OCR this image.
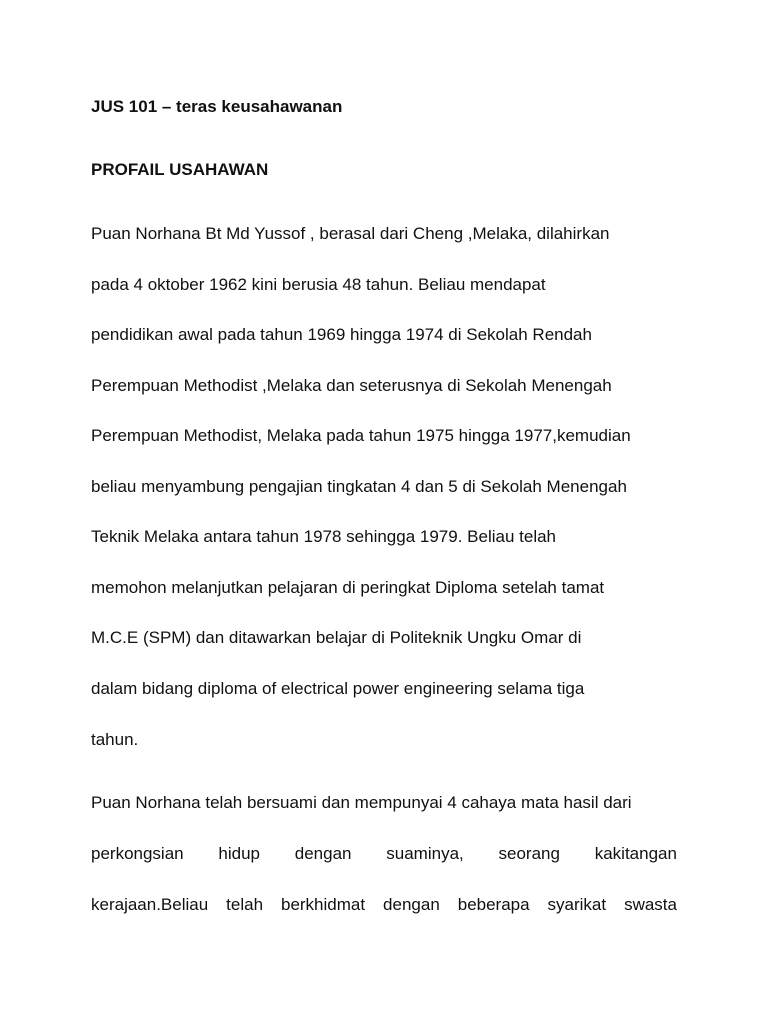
JUS 101 – teras keusahawanan
PROFAIL USAHAWAN
Puan Norhana Bt Md Yussof , berasal dari Cheng ,Melaka, dilahirkan
pada 4 oktober 1962 kini berusia 48 tahun. Beliau mendapat
pendidikan awal pada tahun 1969 hingga 1974 di Sekolah Rendah
Perempuan Methodist ,Melaka dan seterusnya di Sekolah Menengah
Perempuan Methodist, Melaka pada tahun 1975 hingga 1977,kemudian
beliau menyambung pengajian tingkatan 4 dan 5 di Sekolah Menengah
Teknik Melaka antara tahun 1978 sehingga 1979. Beliau telah
memohon melanjutkan pelajaran di peringkat Diploma setelah tamat
M.C.E (SPM) dan ditawarkan belajar di Politeknik Ungku Omar di
dalam bidang diploma of electrical power engineering selama tiga
tahun.
Puan Norhana telah bersuami dan mempunyai 4 cahaya mata hasil dari
perkongsian hidup dengan suaminya, seorang kakitangan
kerajaan.Beliau telah berkhidmat dengan beberapa syarikat swasta
